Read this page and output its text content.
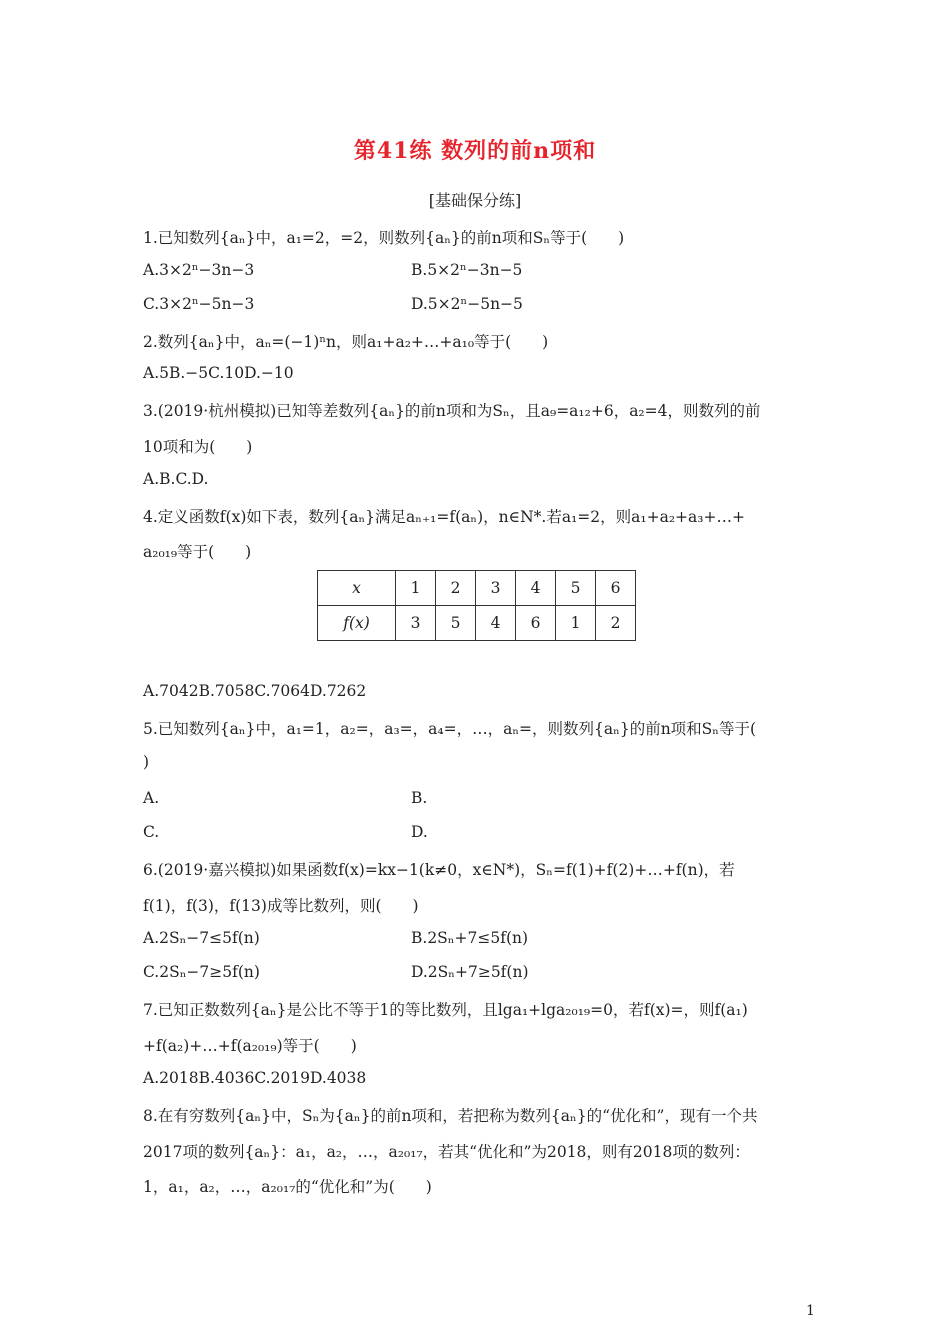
第41练 数列的前n项和
[基础保分练]
1.已知数列{aₙ}中，a₁=2，=2，则数列{aₙ}的前n项和Sₙ等于(　　)
A.3×2ⁿ−3n−3	B.5×2ⁿ−3n−5
C.3×2ⁿ−5n−3	D.5×2ⁿ−5n−5
2.数列{aₙ}中，aₙ=(−1)ⁿn，则a₁+a₂+…+a₁₀等于(　　)
A.5B.−5C.10D.−10
3.(2019·杭州模拟)已知等差数列{aₙ}的前n项和为Sₙ，且a₉=a₁₂+6，a₂=4，则数列的前
10项和为(　　)
A.B.C.D.
4.定义函数f(x)如下表，数列{aₙ}满足aₙ₊₁=f(aₙ)，n∈N*.若a₁=2，则a₁+a₂+a₃+…+
a₂₀₁₉等于(　　)
x	1	2	3	4	5	6
f(x)	3	5	4	6	1	2
A.7042B.7058C.7064D.7262
5.已知数列{aₙ}中，a₁=1，a₂=，a₃=，a₄=，…，aₙ=，则数列{aₙ}的前n项和Sₙ等于(
)
A.	B.
C.	D.
6.(2019·嘉兴模拟)如果函数f(x)=kx−1(k≠0，x∈N*)，Sₙ=f(1)+f(2)+…+f(n)，若
f(1)，f(3)，f(13)成等比数列，则(　　)
A.2Sₙ−7≤5f(n)	B.2Sₙ+7≤5f(n)
C.2Sₙ−7≥5f(n)	D.2Sₙ+7≥5f(n)
7.已知正数数列{aₙ}是公比不等于1的等比数列，且lga₁+lga₂₀₁₉=0，若f(x)=，则f(a₁)
+f(a₂)+…+f(a₂₀₁₉)等于(　　)
A.2018B.4036C.2019D.4038
8.在有穷数列{aₙ}中，Sₙ为{aₙ}的前n项和，若把称为数列{aₙ}的“优化和”，现有一个共
2017项的数列{aₙ}：a₁，a₂，…，a₂₀₁₇，若其“优化和”为2018，则有2018项的数列：
1，a₁，a₂，…，a₂₀₁₇的“优化和”为(　　)
1
